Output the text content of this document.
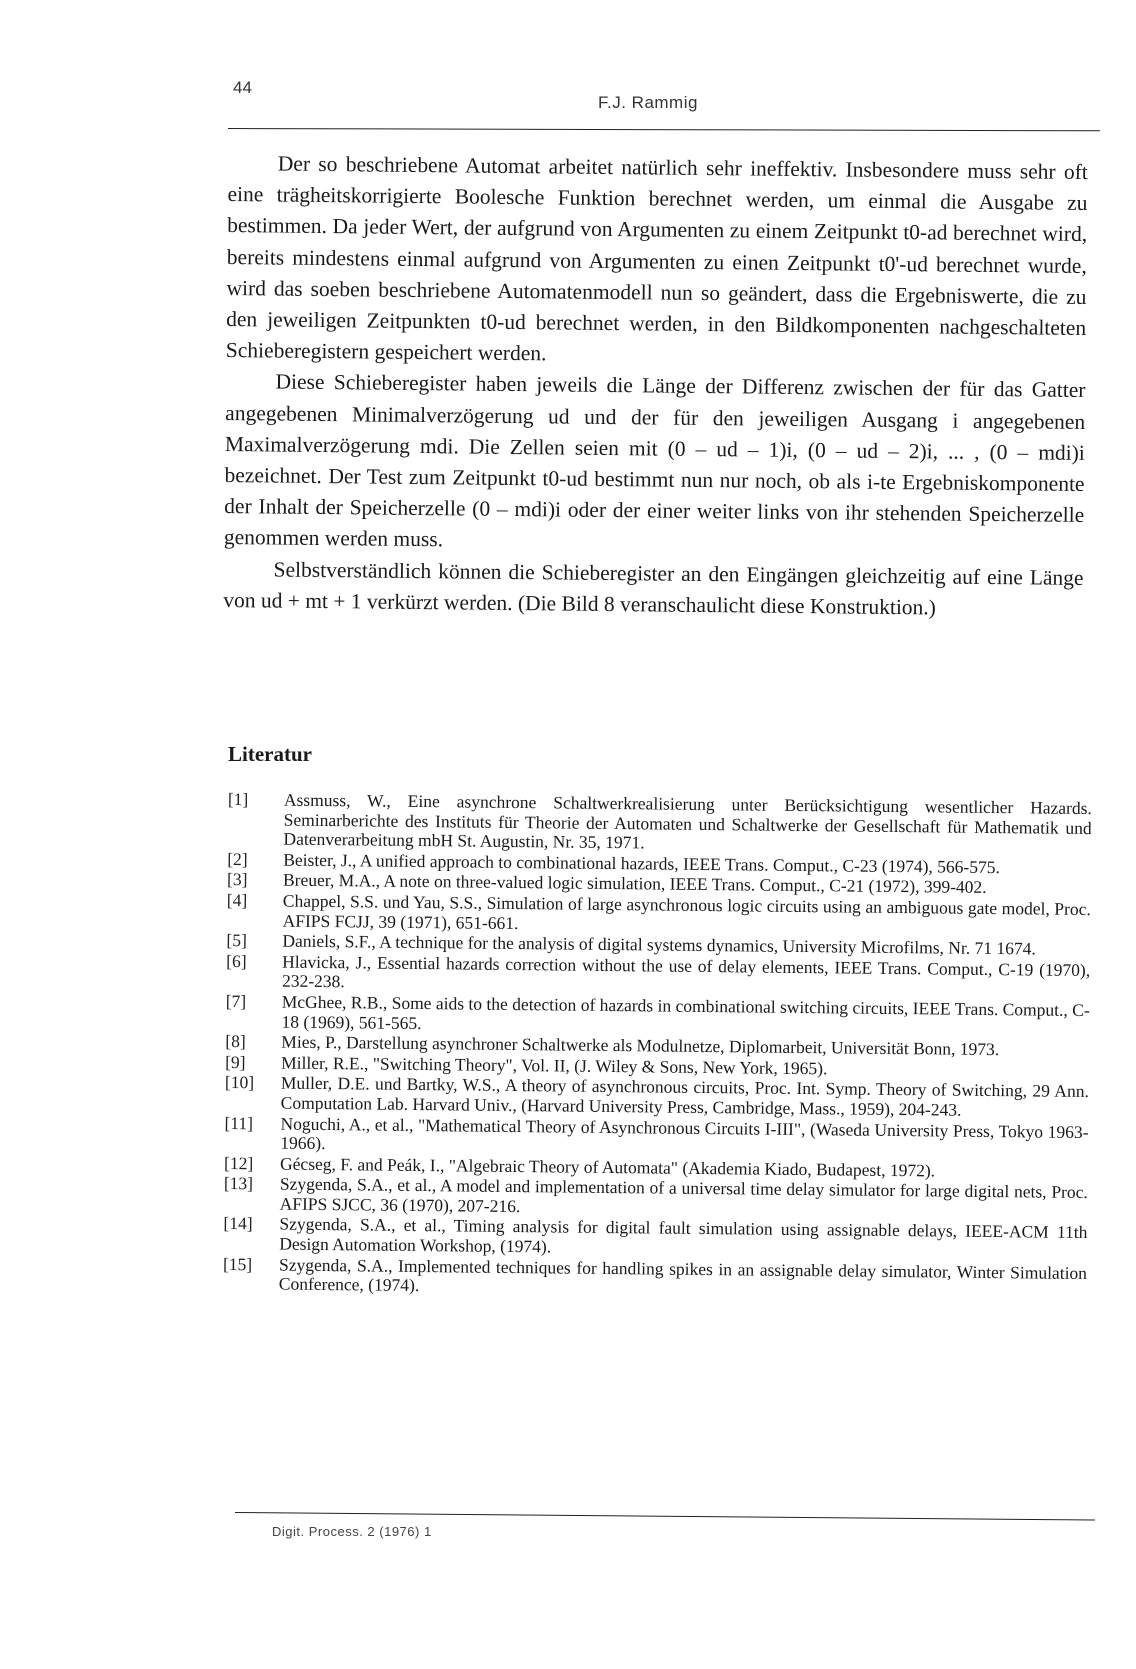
44
F.J. Rammig

Der so beschriebene Automat arbeitet natürlich sehr ineffektiv. Insbesondere muss sehr oft eine trägheitskorrigierte Boolesche Funktion berechnet werden, um einmal die Ausgabe zu bestimmen. Da jeder Wert, der aufgrund von Argumenten zu einem Zeitpunkt t0-ad berechnet wird, bereits mindestens einmal aufgrund von Argumenten zu einen Zeitpunkt t0'-ud berechnet wurde, wird das soeben beschriebene Automatenmodell nun so geändert, dass die Ergebniswerte, die zu den jeweiligen Zeitpunkten t0-ud berechnet werden, in den Bildkomponenten nachgeschalteten Schieberegistern gespeichert werden.

Diese Schieberegister haben jeweils die Länge der Differenz zwischen der für das Gatter angegebenen Minimalverzögerung ud und der für den jeweiligen Ausgang i angegebenen Maximalverzögerung mdi. Die Zellen seien mit (0 – ud – 1)i, (0 – ud – 2)i, ... , (0 – mdi)i bezeichnet. Der Test zum Zeitpunkt t0-ud bestimmt nun nur noch, ob als i-te Ergebniskomponente der Inhalt der Speicherzelle (0 – mdi)i oder der einer weiter links von ihr stehenden Speicherzelle genommen werden muss.

Selbstverständlich können die Schieberegister an den Eingängen gleichzeitig auf eine Länge von ud + mt + 1 verkürzt werden. (Die Bild 8 veranschaulicht diese Konstruktion.)

Literatur
[1]	Assmuss, W., Eine asynchrone Schaltwerkrealisierung unter Berücksichtigung wesentlicher Hazards. Seminarberichte des Instituts für Theorie der Automaten und Schaltwerke der Gesellschaft für Mathematik und Datenverarbeitung mbH St. Augustin, Nr. 35, 1971.
[2]	Beister, J., A unified approach to combinational hazards, IEEE Trans. Comput., C-23 (1974), 566-575.
[3]	Breuer, M.A., A note on three-valued logic simulation, IEEE Trans. Comput., C-21 (1972), 399-402.
[4]	Chappel, S.S. und Yau, S.S., Simulation of large asynchronous logic circuits using an ambiguous gate model, Proc. AFIPS FCJJ, 39 (1971), 651-661.
[5]	Daniels, S.F., A technique for the analysis of digital systems dynamics, University Microfilms, Nr. 71 1674.
[6]	Hlavicka, J., Essential hazards correction without the use of delay elements, IEEE Trans. Comput., C-19 (1970), 232-238.
[7]	McGhee, R.B., Some aids to the detection of hazards in combinational switching circuits, IEEE Trans. Comput., C-18 (1969), 561-565.
[8]	Mies, P., Darstellung asynchroner Schaltwerke als Modulnetze, Diplomarbeit, Universität Bonn, 1973.
[9]	Miller, R.E., "Switching Theory", Vol. II, (J. Wiley & Sons, New York, 1965).
[10]	Muller, D.E. und Bartky, W.S., A theory of asynchronous circuits, Proc. Int. Symp. Theory of Switching, 29 Ann. Computation Lab. Harvard Univ., (Harvard University Press, Cambridge, Mass., 1959), 204-243.
[11]	Noguchi, A., et al., "Mathematical Theory of Asynchronous Circuits I-III", (Waseda University Press, Tokyo 1963-1966).
[12]	Gécseg, F. and Peák, I., "Algebraic Theory of Automata" (Akademia Kiado, Budapest, 1972).
[13]	Szygenda, S.A., et al., A model and implementation of a universal time delay simulator for large digital nets, Proc. AFIPS SJCC, 36 (1970), 207-216.
[14]	Szygenda, S.A., et al., Timing analysis for digital fault simulation using assignable delays, IEEE-ACM 11th Design Automation Workshop, (1974).
[15]	Szygenda, S.A., Implemented techniques for handling spikes in an assignable delay simulator, Winter Simulation Conference, (1974).
Digit. Process. 2 (1976) 1
